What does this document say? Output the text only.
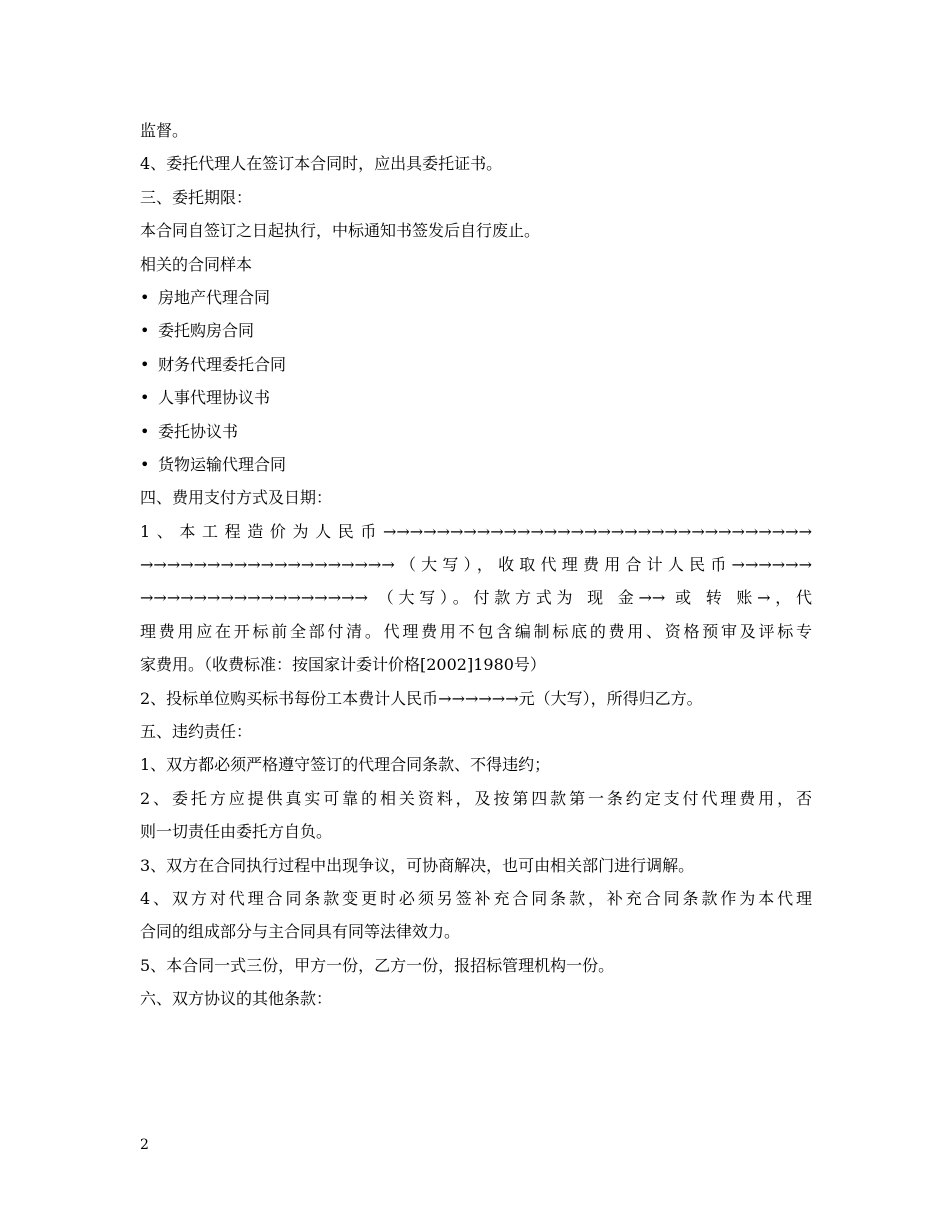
监督。
4、委托代理人在签订本合同时，应出具委托证书。
三、委托期限：
本合同自签订之日起执行，中标通知书签发后自行废止。
相关的合同样本
• 房地产代理合同
• 委托购房合同
• 财务代理委托合同
• 人事代理协议书
• 委托协议书
• 货物运输代理合同
四、费用支付方式及日期：
1、本工程造价为人民币→→→→→→→→→→→→→→→→→→→→→→→→→→→→→→→→
→→→→→→→→→→→→→→→→→→→（大写），收取代理费用合计人民币→→→→→→
→→→→→→→→→→→→→→→→→ （大写）。付款方式为 现 金→→ 或 转 账→，代
理费用应在开标前全部付清。代理费用不包含编制标底的费用、资格预审及评标专
家费用。（收费标准：按国家计委计价格[2002]1980号）
2、投标单位购买标书每份工本费计人民币→→→→→→元（大写），所得归乙方。
五、违约责任：
1、双方都必须严格遵守签订的代理合同条款、不得违约；
2、委托方应提供真实可靠的相关资料，及按第四款第一条约定支付代理费用，否
则一切责任由委托方自负。
3、双方在合同执行过程中出现争议，可协商解决，也可由相关部门进行调解。
4、双方对代理合同条款变更时必须另签补充合同条款，补充合同条款作为本代理
合同的组成部分与主合同具有同等法律效力。
5、本合同一式三份，甲方一份，乙方一份，报招标管理机构一份。
六、双方协议的其他条款：
2
